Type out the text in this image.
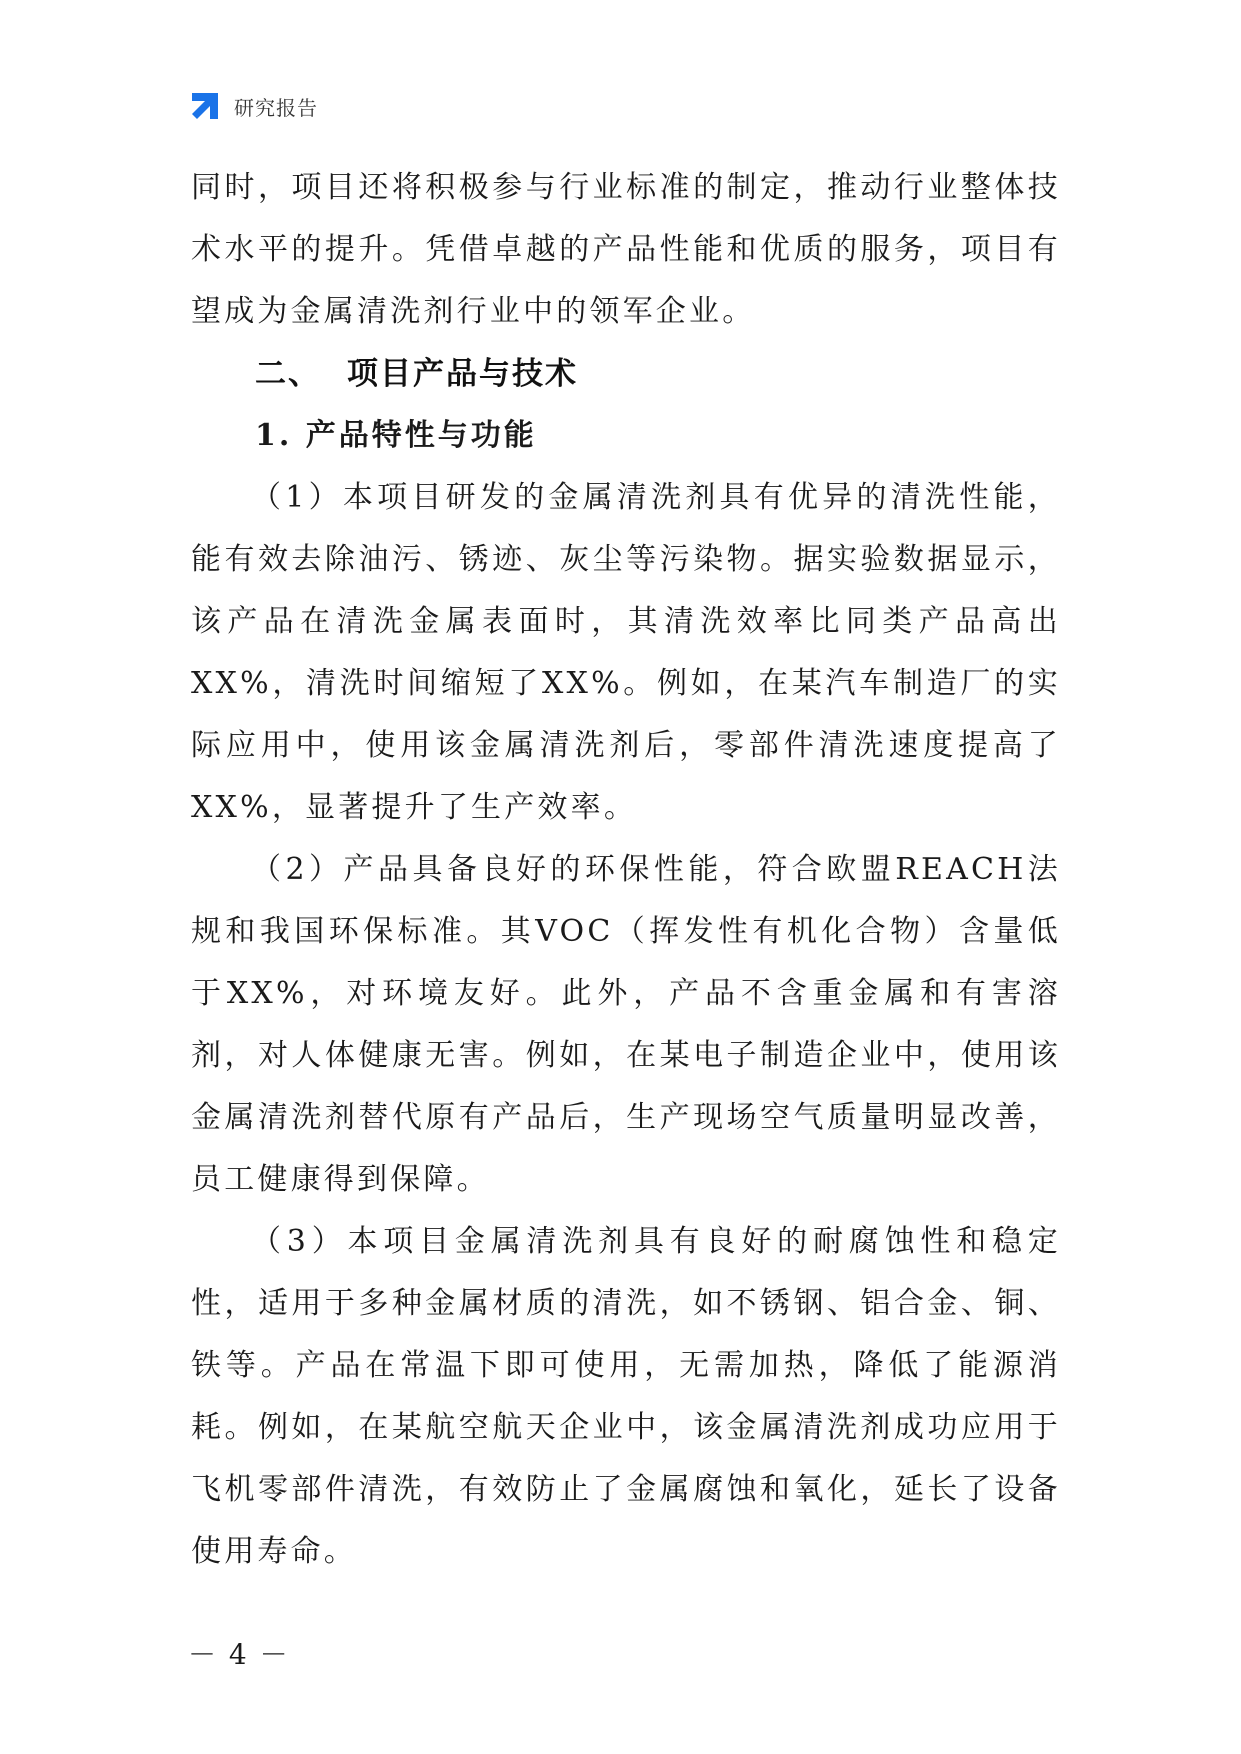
研究报告

同时，项目还将积极参与行业标准的制定，推动行业整体技术水平的提升。凭借卓越的产品性能和优质的服务，项目有望成为金属清洗剂行业中的领军企业。

二、 项目产品与技术
1. 产品特性与功能

（1）本项目研发的金属清洗剂具有优异的清洗性能，能有效去除油污、锈迹、灰尘等污染物。据实验数据显示，该产品在清洗金属表面时，其清洗效率比同类产品高出XX%，清洗时间缩短了XX%。例如，在某汽车制造厂的实际应用中，使用该金属清洗剂后，零部件清洗速度提高了XX%，显著提升了生产效率。

（2）产品具备良好的环保性能，符合欧盟REACH法规和我国环保标准。其VOC（挥发性有机化合物）含量低于XX%，对环境友好。此外，产品不含重金属和有害溶剂，对人体健康无害。例如，在某电子制造企业中，使用该金属清洗剂替代原有产品后，生产现场空气质量明显改善，员工健康得到保障。

（3）本项目金属清洗剂具有良好的耐腐蚀性和稳定性，适用于多种金属材质的清洗，如不锈钢、铝合金、铜、铁等。产品在常温下即可使用，无需加热，降低了能源消耗。例如，在某航空航天企业中，该金属清洗剂成功应用于飞机零部件清洗，有效防止了金属腐蚀和氧化，延长了设备使用寿命。

－ 4 －
